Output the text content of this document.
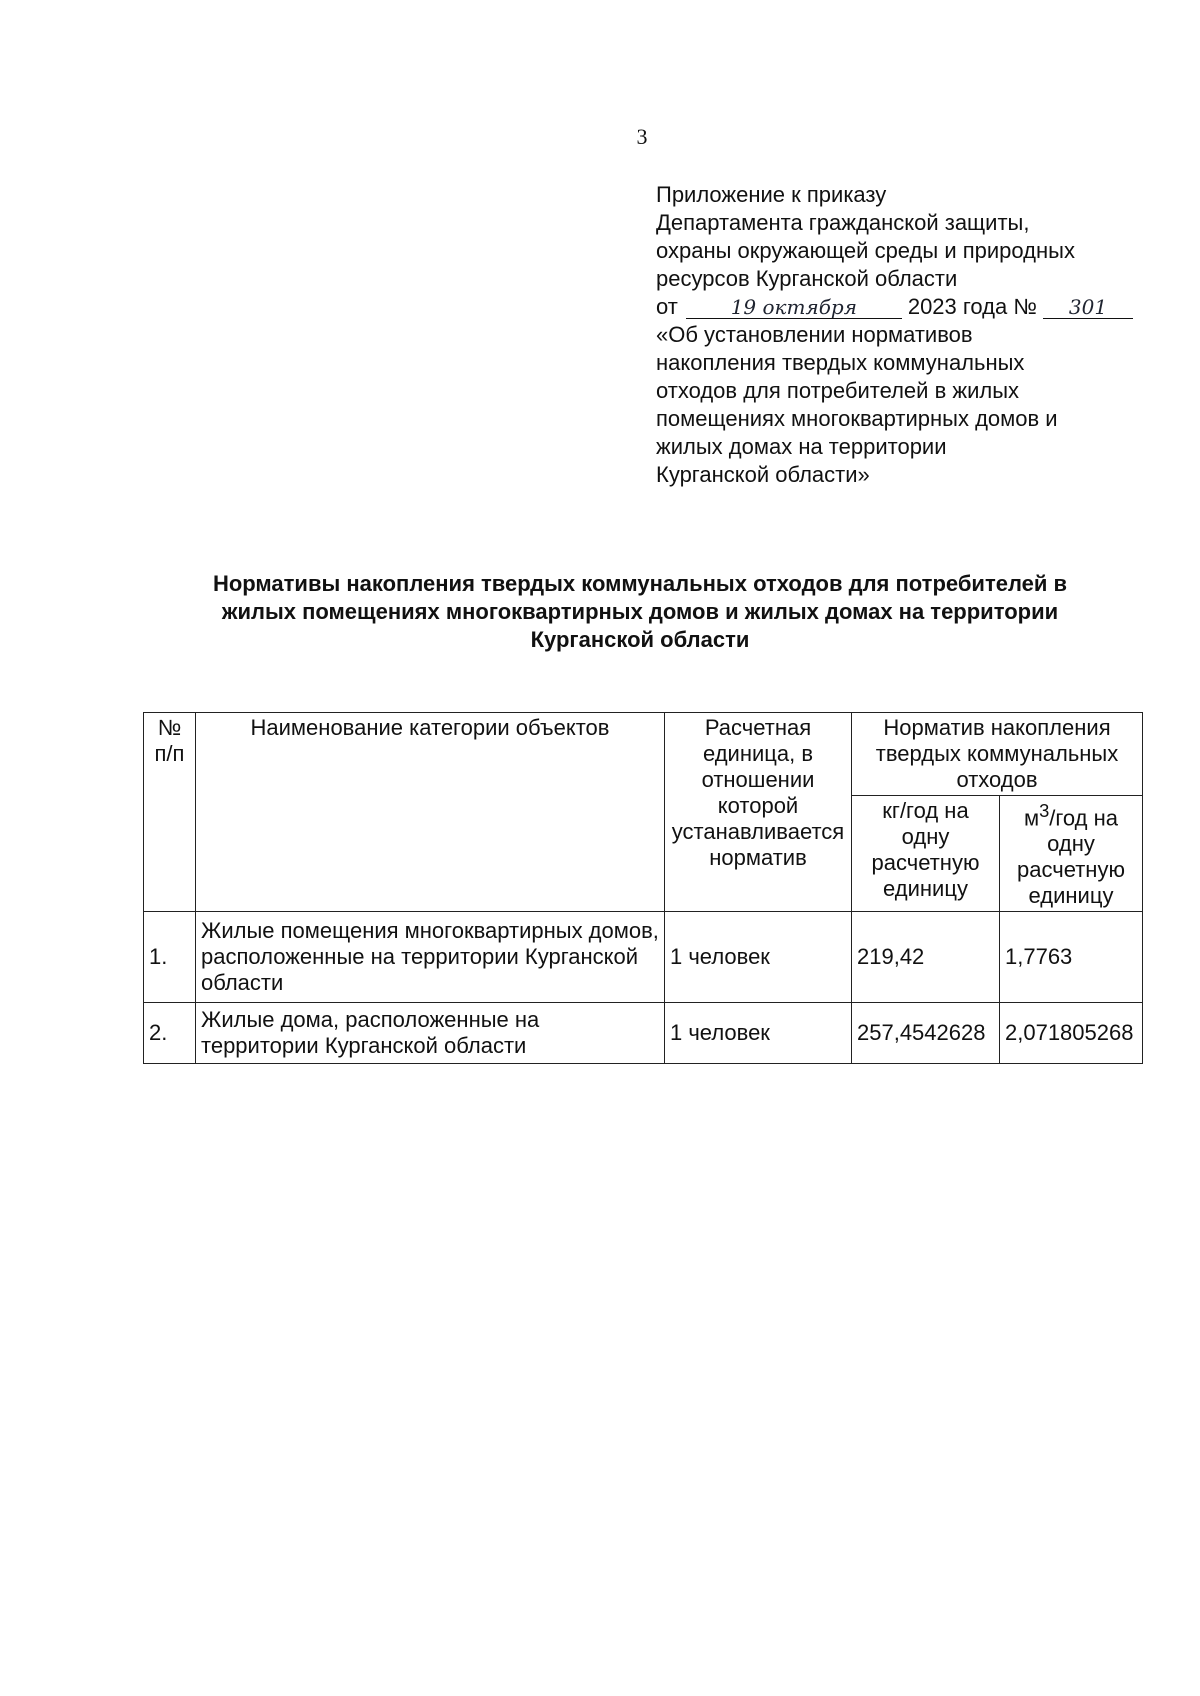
3
Приложение к приказу
Департамента гражданской защиты,
охраны окружающей среды и природных
ресурсов Курганской области
от	19 октября 2023 года № 301
«Об установлении нормативов
накопления твердых коммунальных
отходов для потребителей в жилых
помещениях многоквартирных домов и
жилых домах на территории
Курганской области»
Нормативы накопления твердых коммунальных отходов для потребителей в
жилых помещениях многоквартирных домов и жилых домах на территории
Курганской области
№ п/п	Наименование категории объектов	Расчетная единица, в отношении которой устанавливается норматив	Норматив накопления твердых коммунальных отходов	
			кг/год на одну расчетную единицу	$м^3$/год на одну расчетную единицу
1.	Жилые помещения многоквартирных домов, расположенные на территории Курганской области	1 человек	219,42	1,7763
2.	Жилые дома, расположенные на территории Курганской области	1 человек	257,4542628	2,071805268
